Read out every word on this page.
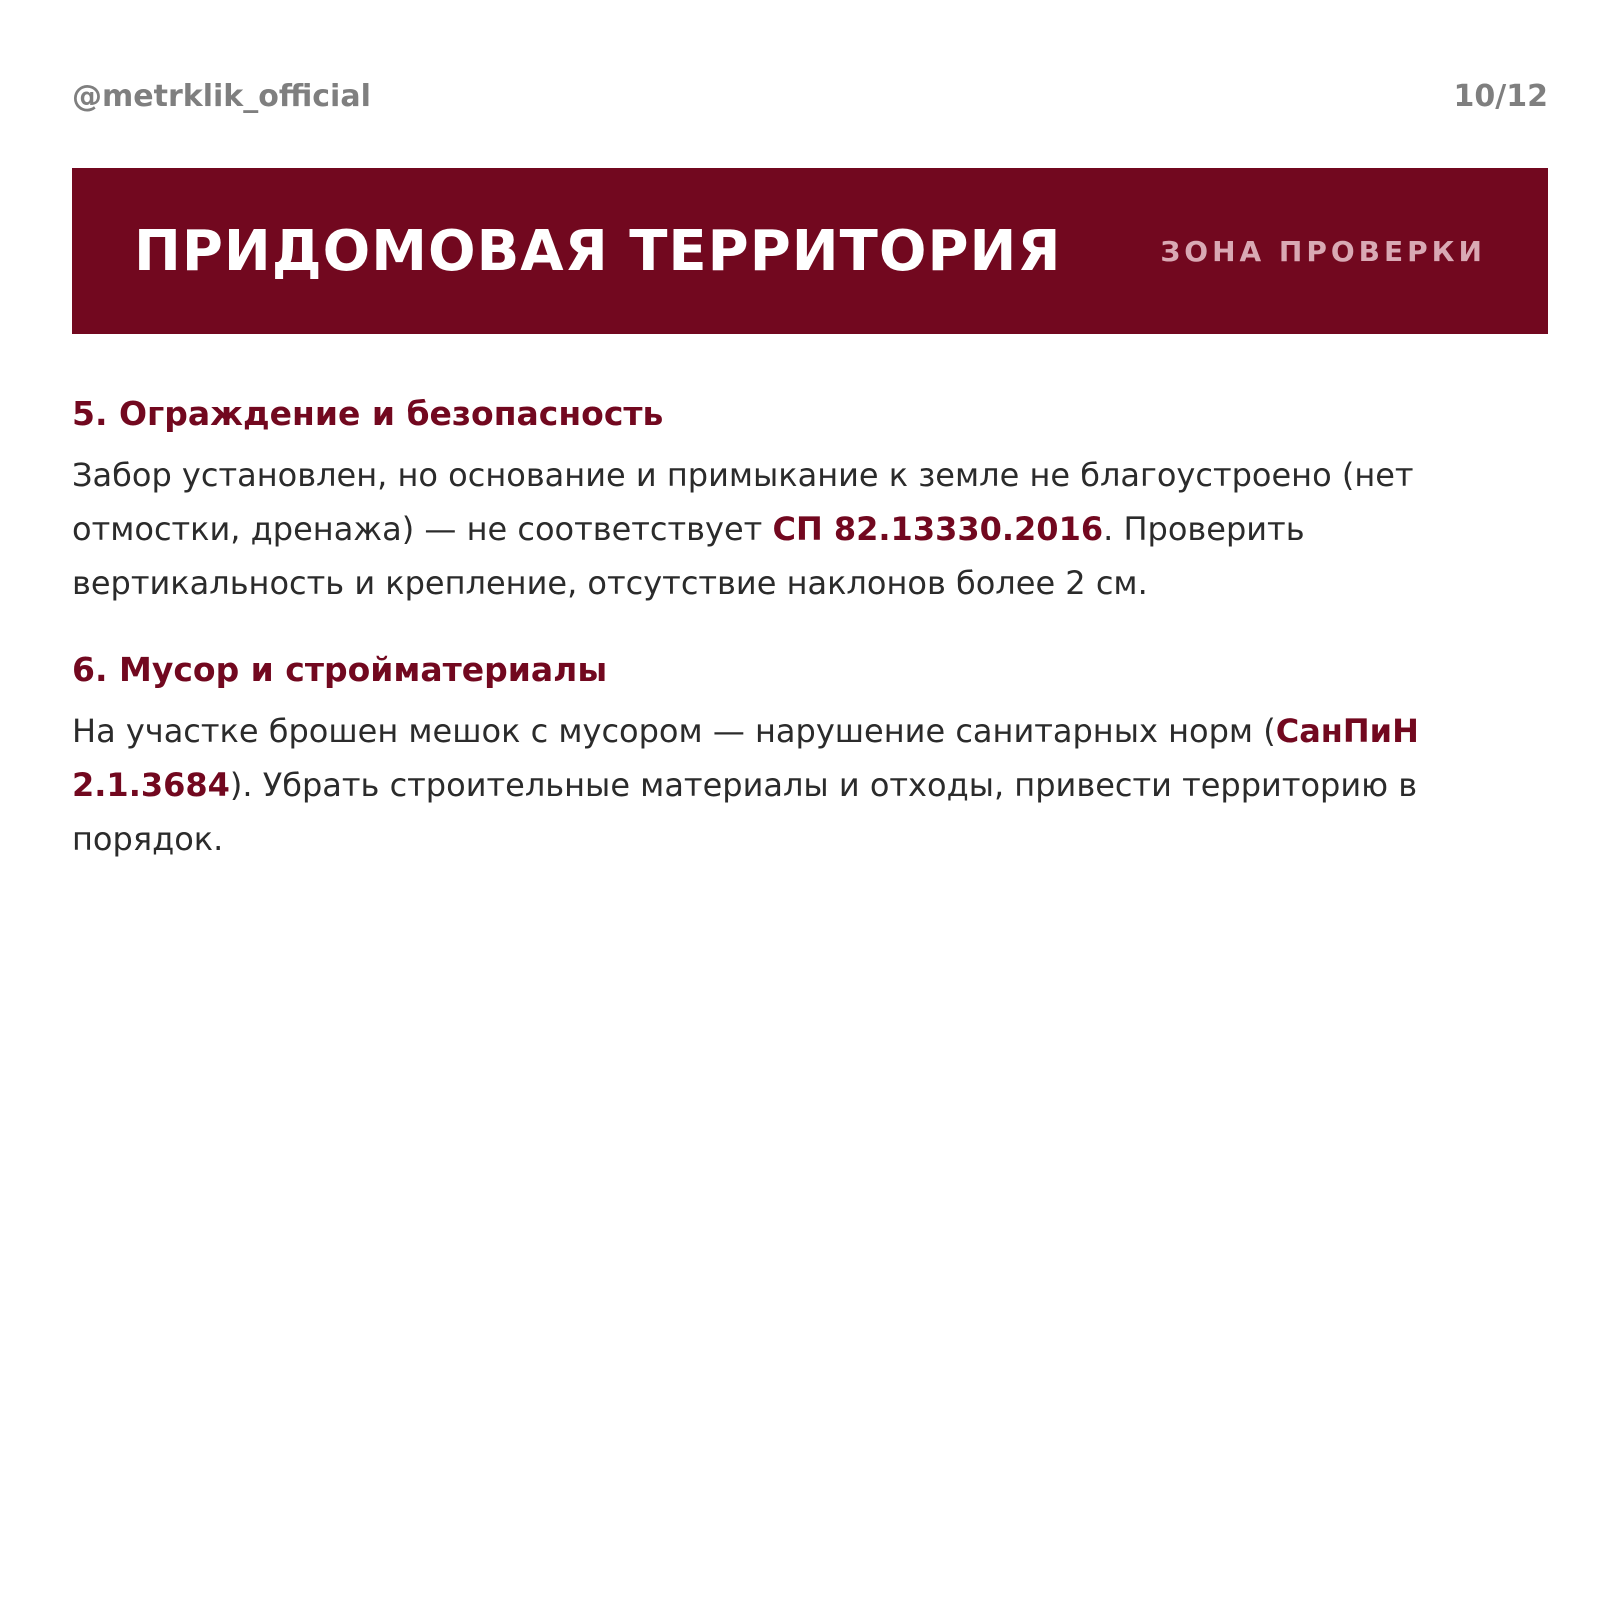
@metrklik_official	10/12
ПРИДОМОВАЯ ТЕРРИТОРИЯ	ЗОНА ПРОВЕРКИ
5. Ограждение и безопасность

Забор установлен, но основание и примыкание к земле не благоустроено (нет отмостки, дренажа) — не соответствует СП 82.13330.2016. Проверить вертикальность и крепление, отсутствие наклонов более 2 см.

6. Мусор и стройматериалы

На участке брошен мешок с мусором — нарушение санитарных норм (СанПиН 2.1.3684). Убрать строительные материалы и отходы, привести территорию в порядок.
